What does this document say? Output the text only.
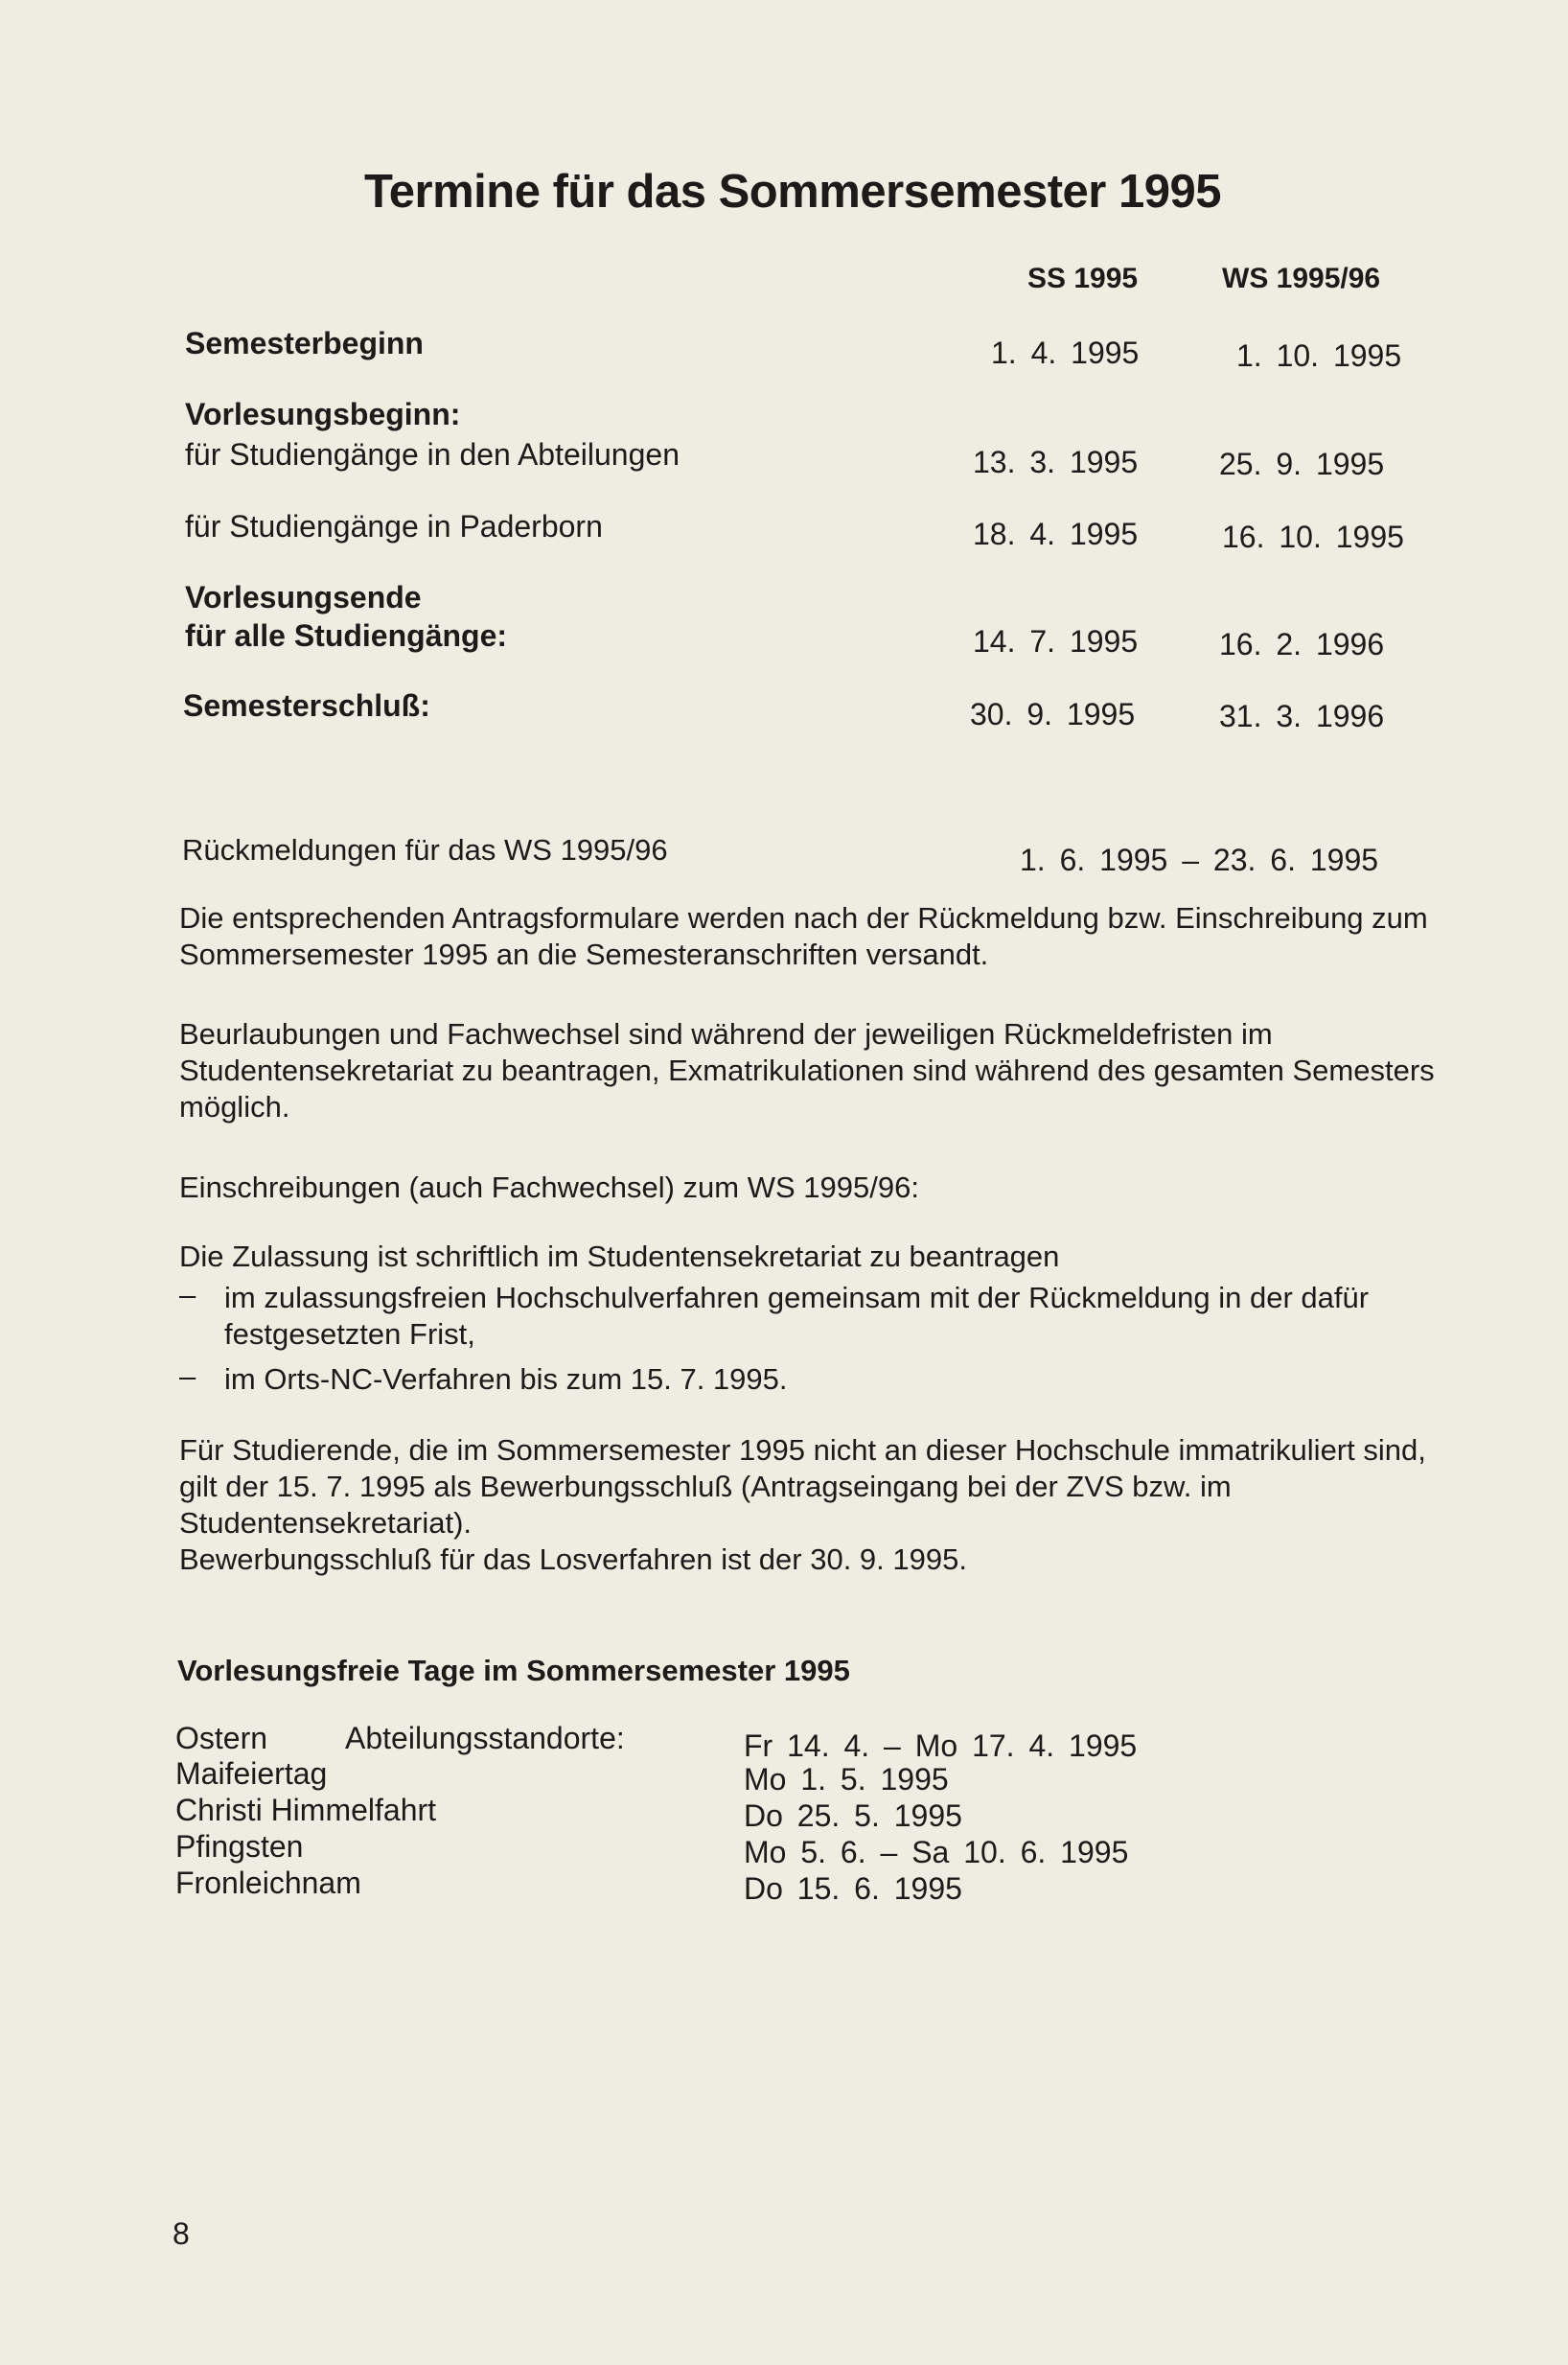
Termine für das Sommersemester 1995
SS 1995	WS 1995/96
Semesterbeginn	1. 4. 1995	1. 10. 1995
Vorlesungsbeginn:
für Studiengänge in den Abteilungen	13. 3. 1995	25. 9. 1995
für Studiengänge in Paderborn	18. 4. 1995	16. 10. 1995
Vorlesungsende
für alle Studiengänge:	14. 7. 1995	16. 2. 1996
Semesterschluß:	30. 9. 1995	31. 3. 1996
Rückmeldungen für das WS 1995/96	1. 6. 1995 – 23. 6. 1995

Die entsprechenden Antragsformulare werden nach der Rückmeldung bzw. Einschreibung zum Sommersemester 1995 an die Semesteranschriften versandt.

Beurlaubungen und Fachwechsel sind während der jeweiligen Rückmeldefristen im Studentensekretariat zu beantragen, Exmatrikulationen sind während des gesamten Semesters möglich.

Einschreibungen (auch Fachwechsel) zum WS 1995/96:

Die Zulassung ist schriftlich im Studentensekretariat zu beantragen

– im zulassungsfreien Hochschulverfahren gemeinsam mit der Rückmeldung in der dafür festgesetzten Frist,
– im Orts-NC-Verfahren bis zum 15. 7. 1995.

Für Studierende, die im Sommersemester 1995 nicht an dieser Hochschule immatrikuliert sind, gilt der 15. 7. 1995 als Bewerbungsschluß (Antragseingang bei der ZVS bzw. im Studentensekretariat).

Bewerbungsschluß für das Losverfahren ist der 30. 9. 1995.

Vorlesungsfreie Tage im Sommersemester 1995
Ostern	Abteilungsstandorte:	Fr 14. 4. – Mo 17. 4. 1995
Maifeiertag	Mo 1. 5. 1995
Christi Himmelfahrt	Do 25. 5. 1995
Pfingsten	Mo 5. 6. – Sa 10. 6. 1995
Fronleichnam	Do 15. 6. 1995
8
